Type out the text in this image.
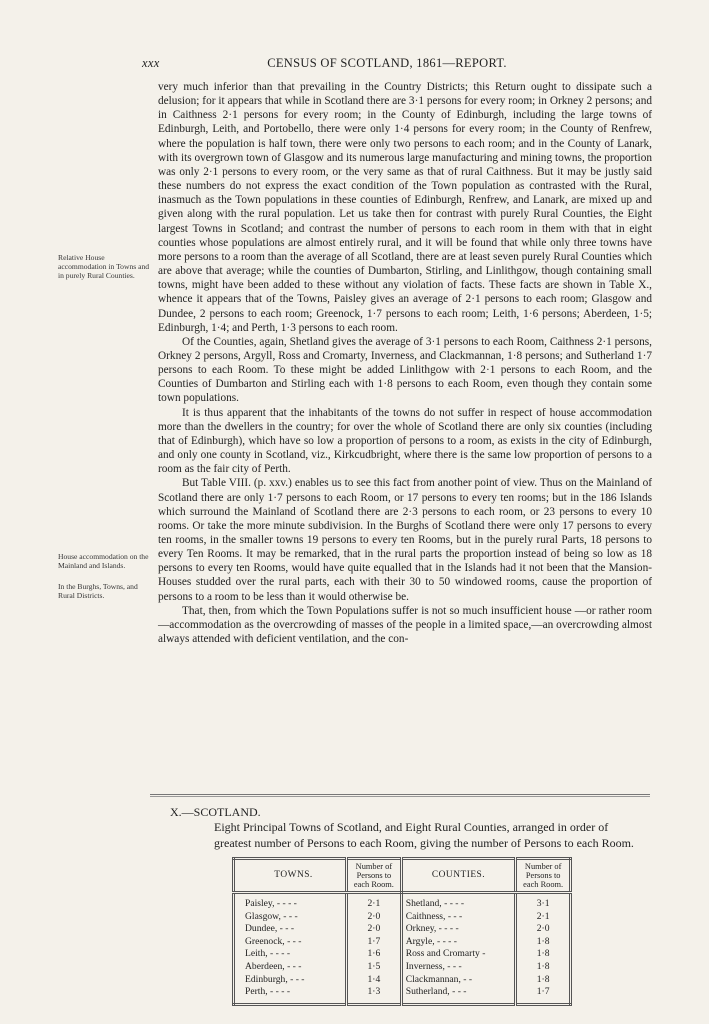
xxx	CENSUS OF SCOTLAND, 1861—REPORT.

very much inferior than that prevailing in the Country Districts; this Return ought to dissipate such a delusion; for it appears that while in Scotland there are 3·1 persons for every room; in Orkney 2 persons; and in Caithness 2·1 persons for every room; in the County of Edinburgh, including the large towns of Edinburgh, Leith, and Portobello, there were only 1·4 persons for every room; in the County of Renfrew, where the population is half town, there were only two persons to each room; and in the County of Lanark, with its overgrown town of Glasgow and its numerous large manufacturing and mining towns, the proportion was only 2·1 persons to every room, or the very same as that of rural Caithness. But it may be justly said these numbers do not express the exact condition of the Town population as contrasted with the Rural, inasmuch as the Town populations in these counties of Edinburgh, Renfrew, and Lanark, are mixed up and given along with the rural population. Let us take then for contrast with purely Rural Counties, the Eight largest Towns in Scotland; and contrast the number of persons to each room in them with that in eight counties whose populations are almost entirely rural, and it will be found that while only three towns have more persons to a room than the average of all Scotland, there are at least seven purely Rural Counties which are above that average; while the counties of Dumbarton, Stirling, and Linlithgow, though containing small towns, might have been added to these without any violation of facts. These facts are shown in Table X., whence it appears that of the Towns, Paisley gives an average of 2·1 persons to each room; Glasgow and Dundee, 2 persons to each room; Greenock, 1·7 persons to each room; Leith, 1·6 persons; Aberdeen, 1·5; Edinburgh, 1·4; and Perth, 1·3 persons to each room.

Of the Counties, again, Shetland gives the average of 3·1 persons to each Room, Caithness 2·1 persons, Orkney 2 persons, Argyll, Ross and Cromarty, Inverness, and Clackmannan, 1·8 persons; and Sutherland 1·7 persons to each Room. To these might be added Linlithgow with 2·1 persons to each Room, and the Counties of Dumbarton and Stirling each with 1·8 persons to each Room, even though they contain some town populations.

It is thus apparent that the inhabitants of the towns do not suffer in respect of house accommodation more than the dwellers in the country; for over the whole of Scotland there are only six counties (including that of Edinburgh), which have so low a proportion of persons to a room, as exists in the city of Edinburgh, and only one county in Scotland, viz., Kirkcudbright, where there is the same low proportion of persons to a room as the fair city of Perth.

But Table VIII. (p. xxv.) enables us to see this fact from another point of view. Thus on the Mainland of Scotland there are only 1·7 persons to each Room, or 17 persons to every ten rooms; but in the 186 Islands which surround the Mainland of Scotland there are 2·3 persons to each room, or 23 persons to every 10 rooms. Or take the more minute subdivision. In the Burghs of Scotland there were only 17 persons to every ten rooms, in the smaller towns 19 persons to every ten Rooms, but in the purely rural Parts, 18 persons to every Ten Rooms. It may be remarked, that in the rural parts the proportion instead of being so low as 18 persons to every ten Rooms, would have quite equalled that in the Islands had it not been that the Mansion-Houses studded over the rural parts, each with their 30 to 50 windowed rooms, cause the proportion of persons to a room to be less than it would otherwise be.

That, then, from which the Town Populations suffer is not so much insufficient house —or rather room—accommodation as the overcrowding of masses of the people in a limited space,—an overcrowding almost always attended with deficient ventilation, and the con-

Relative House accommodation in Towns and in purely Rural Counties.
House accommodation on the Mainland and Islands.
In the Burghs, Towns, and Rural Districts.
X.—SCOTLAND.
Eight Principal Towns of Scotland, and Eight Rural Counties, arranged in order of greatest number of Persons to each Room, giving the number of Persons to each Room.
TOWNS.	Number of Persons to each Room.	COUNTIES.	Number of Persons to each Room.
Paisley, - - - -	2·1	Shetland, - - - -	3·1
Glasgow, - - -	2·0	Caithness, - - -	2·1
Dundee, - - -	2·0	Orkney, - - - -	2·0
Greenock, - - -	1·7	Argyle, - - - -	1·8
Leith, - - - -	1·6	Ross and Cromarty -	1·8
Aberdeen, - - -	1·5	Inverness, - - -	1·8
Edinburgh, - - -	1·4	Clackmannan, - -	1·8
Perth, - - - -	1·3	Sutherland, - - -	1·7
